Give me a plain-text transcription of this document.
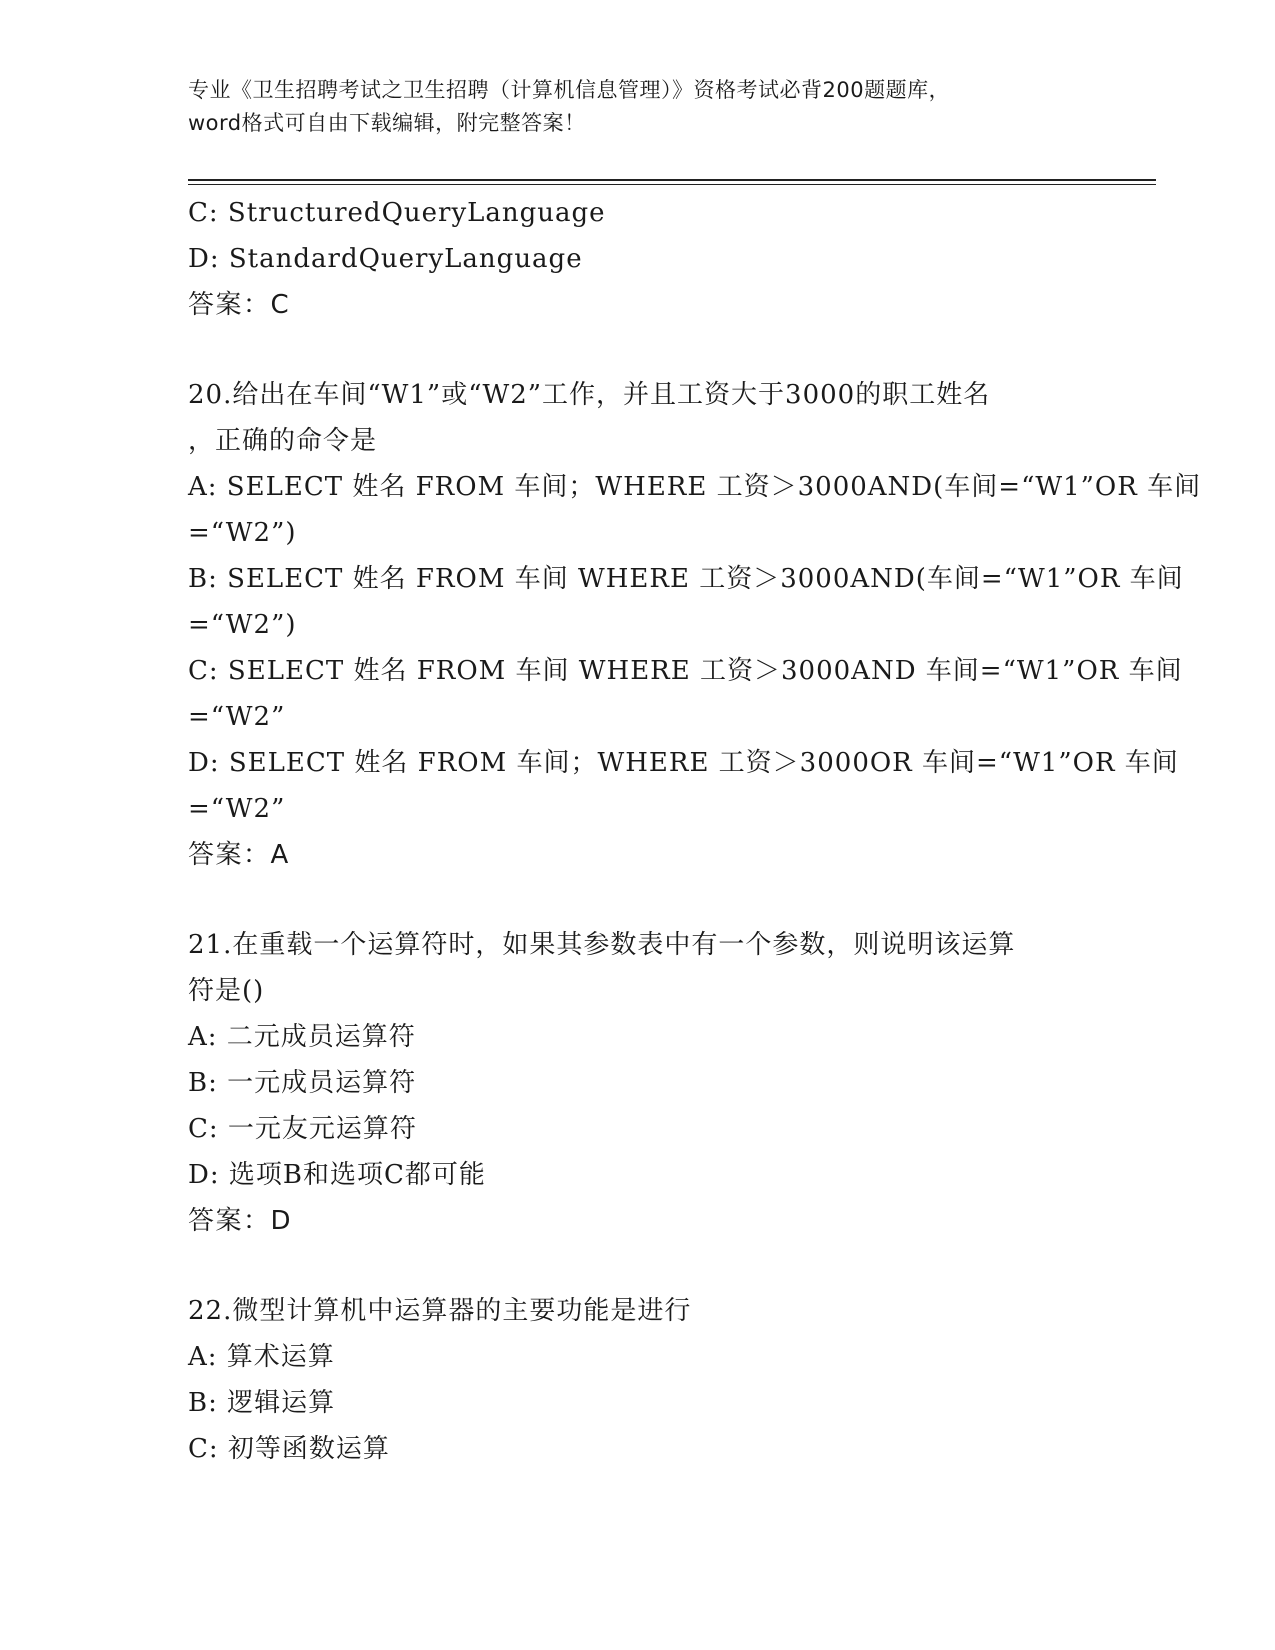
专业《卫生招聘考试之卫生招聘（计算机信息管理）》资格考试必背200题题库，
word格式可自由下载编辑，附完整答案！
C: StructuredQueryLanguage
D: StandardQueryLanguage
答案：C
20.给出在车间“W1”或“W2”工作，并且工资大于3000的职工姓名
，正确的命令是
A: SELECT 姓名 FROM 车间；WHERE 工资＞3000AND(车间=“W1”OR 车间
=“W2”)
B: SELECT 姓名 FROM 车间 WHERE 工资＞3000AND(车间=“W1”OR 车间
=“W2”)
C: SELECT 姓名 FROM 车间 WHERE 工资＞3000AND 车间=“W1”OR 车间
=“W2”
D: SELECT 姓名 FROM 车间；WHERE 工资＞3000OR 车间=“W1”OR 车间
=“W2”
答案：A
21.在重载一个运算符时，如果其参数表中有一个参数，则说明该运算
符是()
A: 二元成员运算符
B: 一元成员运算符
C: 一元友元运算符
D: 选项B和选项C都可能
答案：D
22.微型计算机中运算器的主要功能是进行
A: 算术运算
B: 逻辑运算
C: 初等函数运算
